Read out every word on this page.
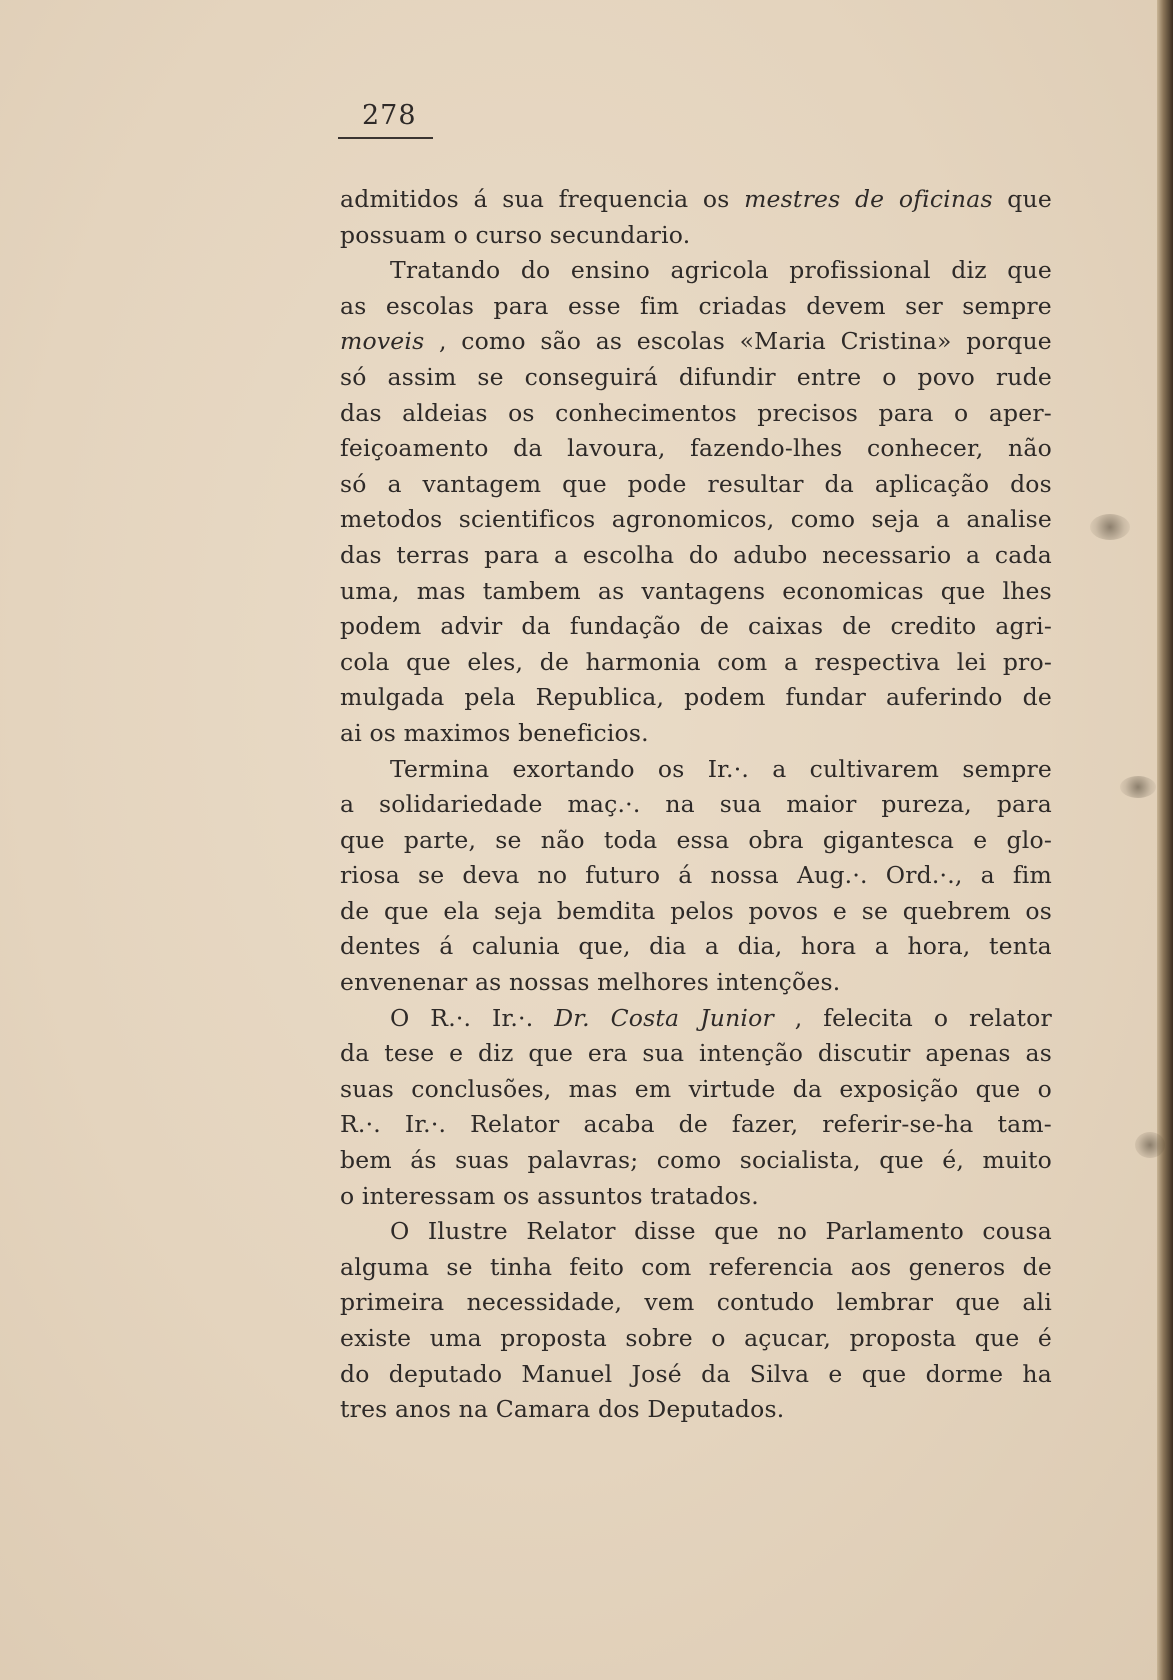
278
admitidos á sua frequencia os mestres de oficinas que
possuam o curso secundario.
Tratando do ensino agricola profissional diz que
as escolas para esse fim criadas devem ser sempre
moveis , como são as escolas «Maria Cristina» porque
só assim se conseguirá difundir entre o povo rude
das aldeias os conhecimentos precisos para o aper-
feiçoamento da lavoura, fazendo-lhes conhecer, não
só a vantagem que pode resultar da aplicação dos
metodos scientificos agronomicos, como seja a analise
das terras para a escolha do adubo necessario a cada
uma, mas tambem as vantagens economicas que lhes
podem advir da fundação de caixas de credito agri-
cola que eles, de harmonia com a respectiva lei pro-
mulgada pela Republica, podem fundar auferindo de
ai os maximos beneficios.
Termina exortando os Ir.·. a cultivarem sempre
a solidariedade maç.·. na sua maior pureza, para
que parte, se não toda essa obra gigantesca e glo-
riosa se deva no futuro á nossa Aug.·. Ord.·., a fim
de que ela seja bemdita pelos povos e se quebrem os
dentes á calunia que, dia a dia, hora a hora, tenta
envenenar as nossas melhores intenções.
O R.·. Ir.·. Dr. Costa Junior , felecita o relator
da tese e diz que era sua intenção discutir apenas as
suas conclusões, mas em virtude da exposição que o
R.·. Ir.·. Relator acaba de fazer, referir-se-ha tam-
bem ás suas palavras; como socialista, que é, muito
o interessam os assuntos tratados.
O Ilustre Relator disse que no Parlamento cousa
alguma se tinha feito com referencia aos generos de
primeira necessidade, vem contudo lembrar que ali
existe uma proposta sobre o açucar, proposta que é
do deputado Manuel José da Silva e que dorme ha
tres anos na Camara dos Deputados.
